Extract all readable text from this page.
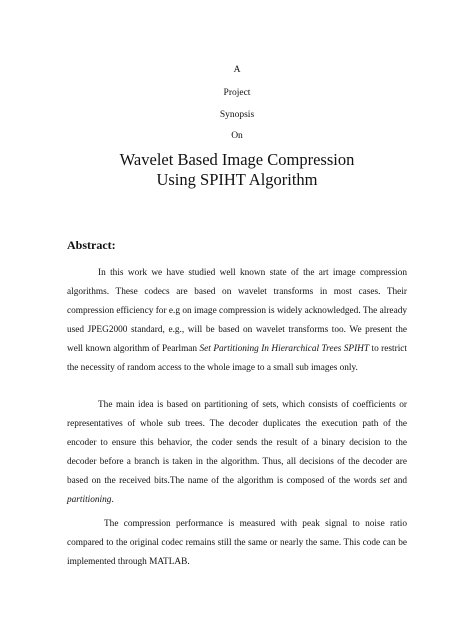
A
Project
Synopsis
On
Wavelet Based Image Compression
Using SPIHT Algorithm
Abstract:

In this work we have studied well known state of the art image compression algorithms. These codecs are based on wavelet transforms in most cases. Their compression efficiency for e.g on image compression is widely acknowledged. The already used JPEG2000 standard, e.g., will be based on wavelet transforms too. We present the well known algorithm of Pearlman Set Partitioning In Hierarchical Trees SPIHT to restrict the necessity of random access to the whole image to a small sub images only.

The main idea is based on partitioning of sets, which consists of coefficients or representatives of whole sub trees. The decoder duplicates the execution path of the encoder to ensure this behavior, the coder sends the result of a binary decision to the decoder before a branch is taken in the algorithm. Thus, all decisions of the decoder are based on the received bits.The name of the algorithm is composed of the words set and partitioning.

The compression performance is measured with peak signal to noise ratio compared to the original codec remains still the same or nearly the same. This code can be implemented through MATLAB.
